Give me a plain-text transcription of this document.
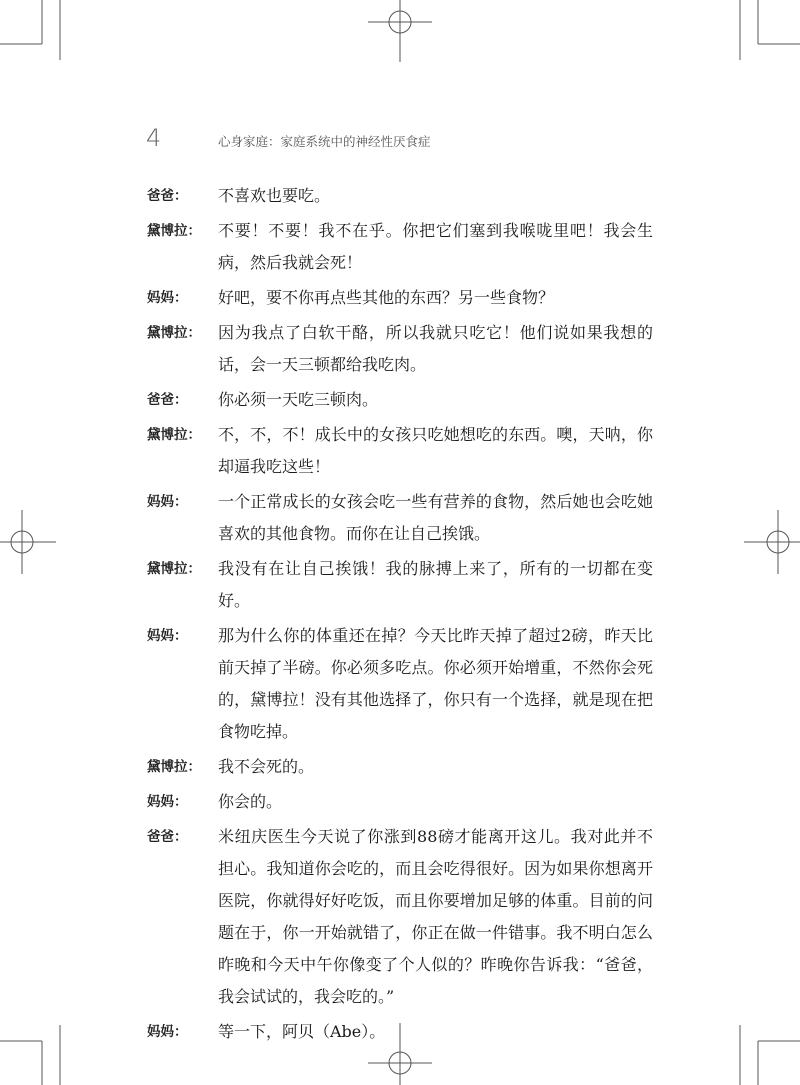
4	心身家庭：家庭系统中的神经性厌食症
爸爸：	不喜欢也要吃。
黛博拉：	不要！不要！我不在乎。你把它们塞到我喉咙里吧！我会生病，然后我就会死！
妈妈：	好吧，要不你再点些其他的东西？另一些食物？
黛博拉：	因为我点了白软干酪，所以我就只吃它！他们说如果我想的话，会一天三顿都给我吃肉。
爸爸：	你必须一天吃三顿肉。
黛博拉：	不，不，不！成长中的女孩只吃她想吃的东西。噢，天呐，你却逼我吃这些！
妈妈：	一个正常成长的女孩会吃一些有营养的食物，然后她也会吃她喜欢的其他食物。而你在让自己挨饿。
黛博拉：	我没有在让自己挨饿！我的脉搏上来了，所有的一切都在变好。
妈妈：	那为什么你的体重还在掉？今天比昨天掉了超过2磅，昨天比前天掉了半磅。你必须多吃点。你必须开始增重，不然你会死的，黛博拉！没有其他选择了，你只有一个选择，就是现在把食物吃掉。
黛博拉：	我不会死的。
妈妈：	你会的。
爸爸：	米纽庆医生今天说了你涨到88磅才能离开这儿。我对此并不担心。我知道你会吃的，而且会吃得很好。因为如果你想离开医院，你就得好好吃饭，而且你要增加足够的体重。目前的问题在于，你一开始就错了，你正在做一件错事。我不明白怎么昨晚和今天中午你像变了个人似的？昨晚你告诉我：“爸爸，我会试试的，我会吃的。”
妈妈：	等一下，阿贝（Abe）。
